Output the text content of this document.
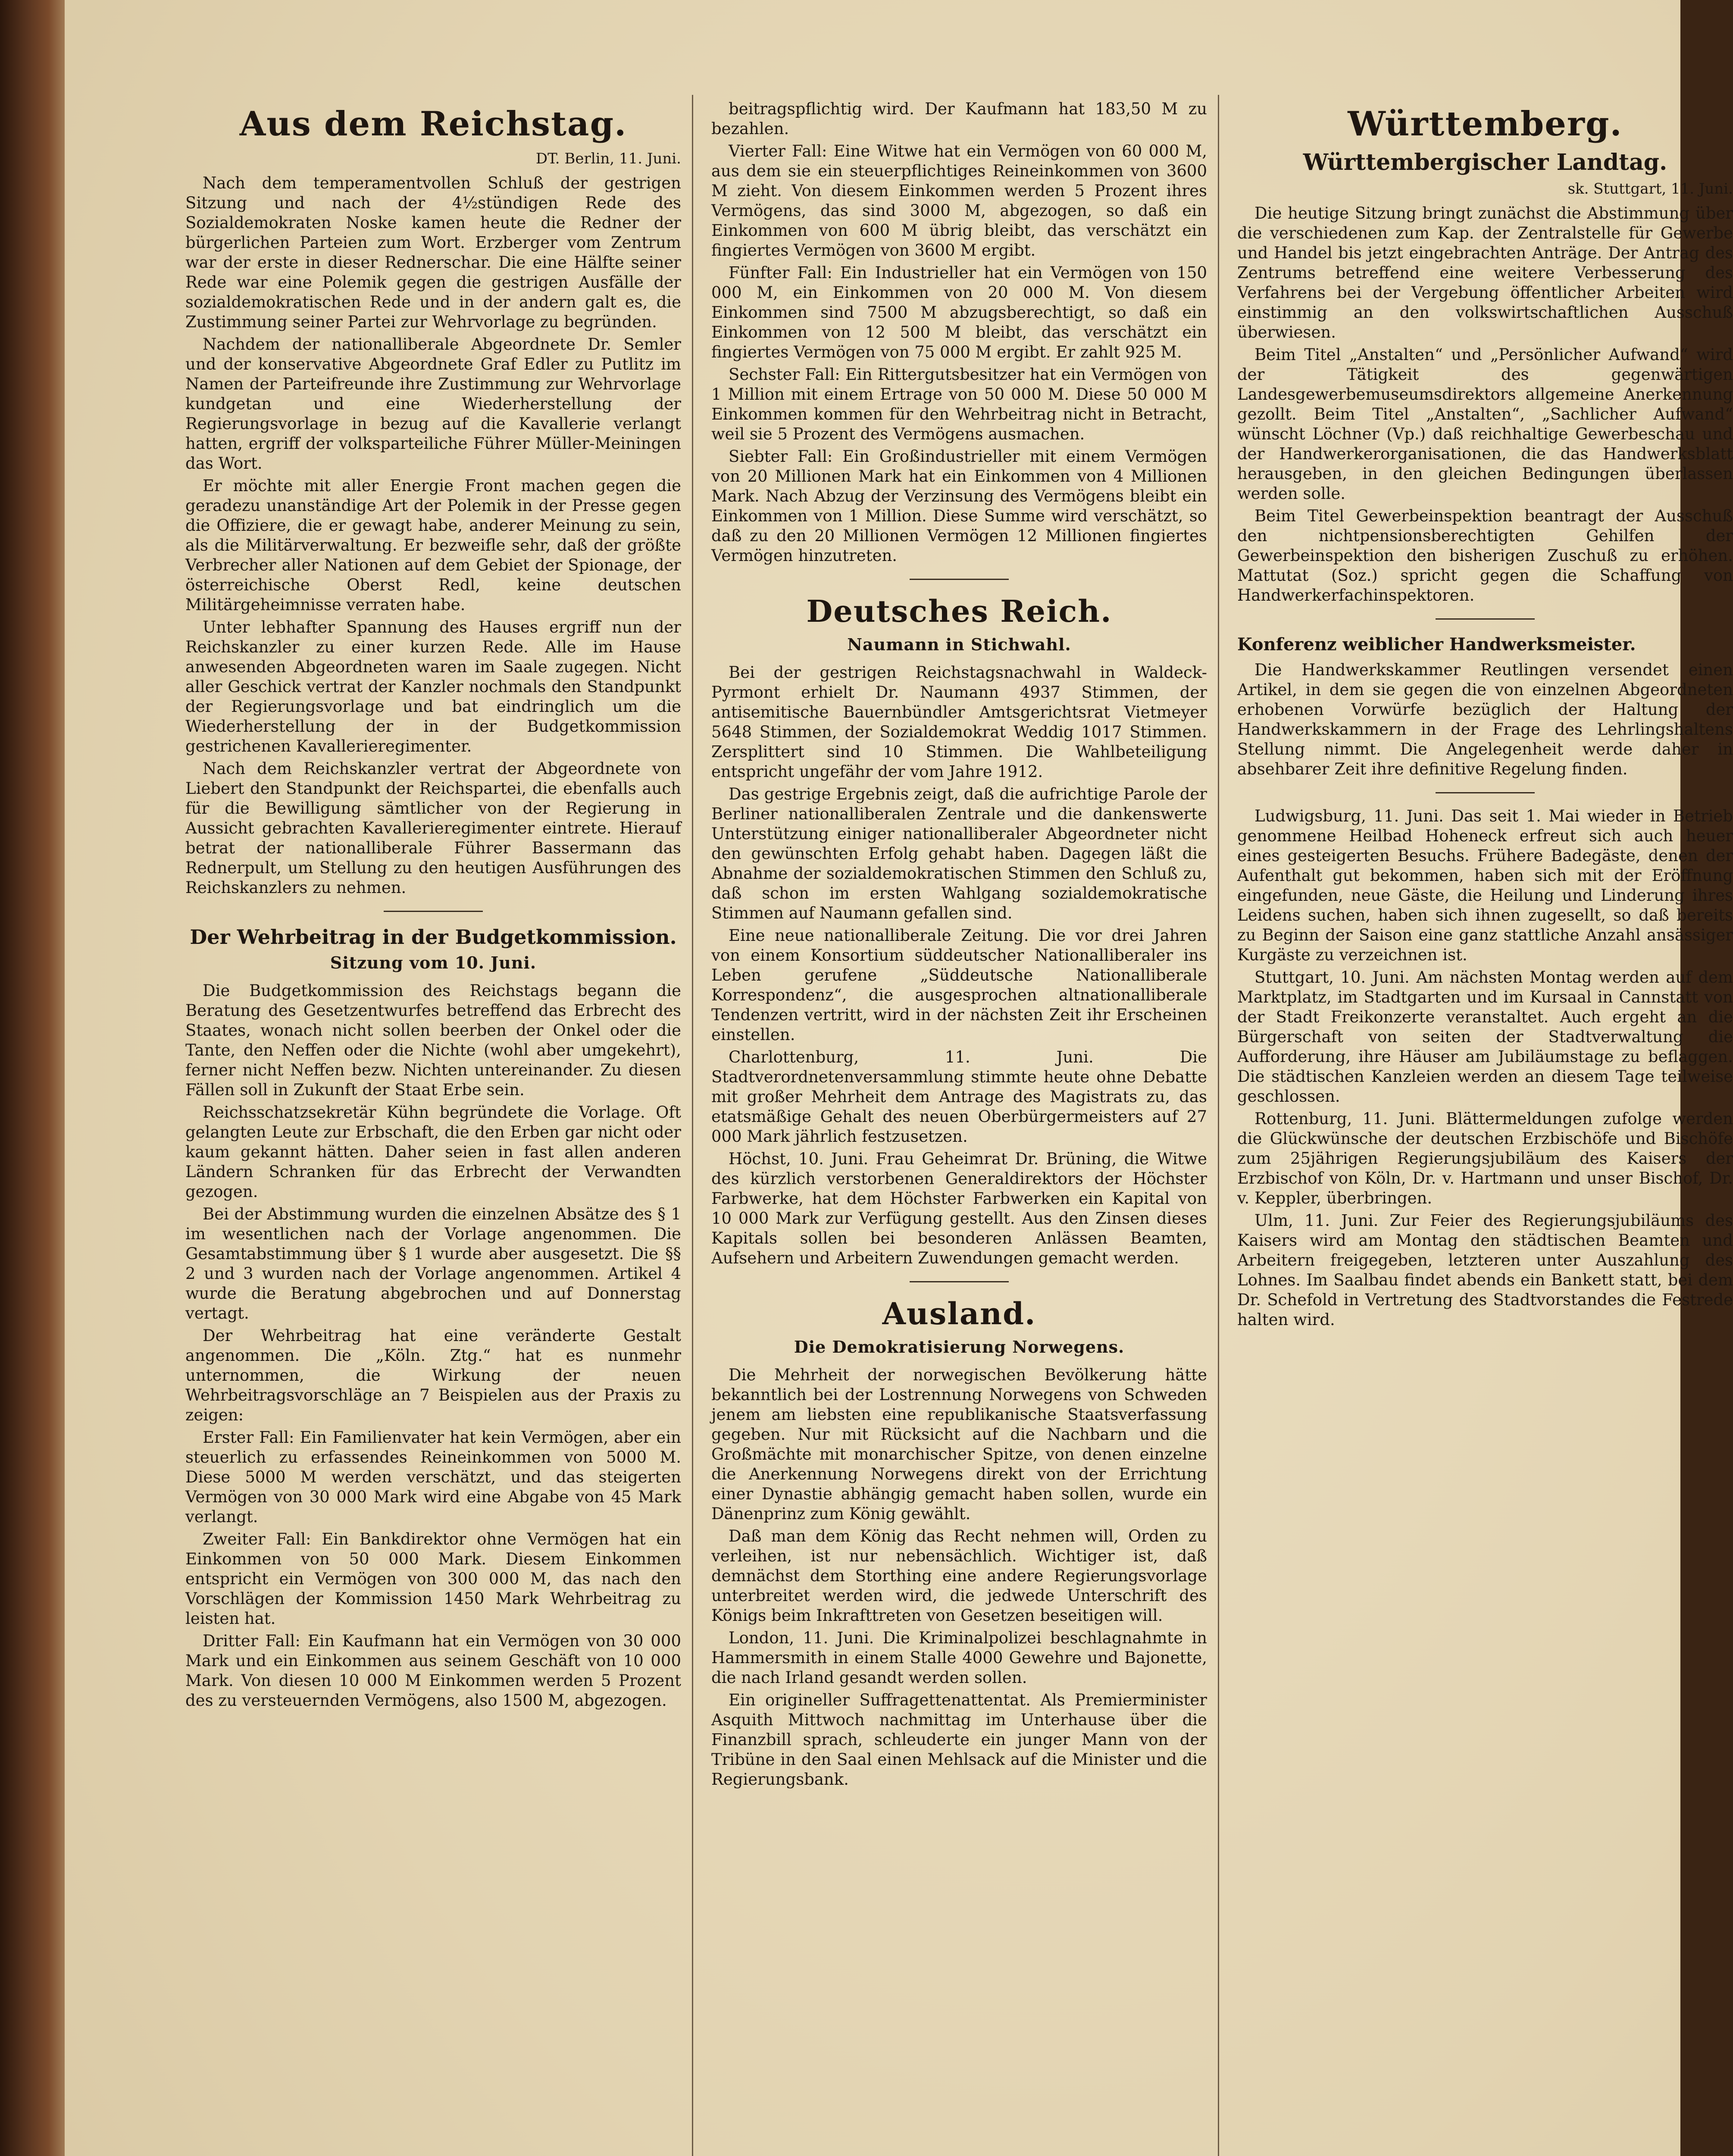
Aus dem Reichstag.
DT. Berlin, 11. Juni.

Nach dem temperamentvollen Schluß der gestrigen Sitzung und nach der 4½stündigen Rede des Sozialdemokraten Noske kamen heute die Redner der bürgerlichen Parteien zum Wort. Erzberger vom Zentrum war der erste in dieser Rednerschar. Die eine Hälfte seiner Rede war eine Polemik gegen die gestrigen Ausfälle der sozialdemokratischen Rede und in der andern galt es, die Zustimmung seiner Partei zur Wehrvorlage zu begründen.

Nachdem der nationalliberale Abgeordnete Dr. Semler und der konservative Abgeordnete Graf Edler zu Putlitz im Namen der Parteifreunde ihre Zustimmung zur Wehrvorlage kundgetan und eine Wiederherstellung der Regierungsvorlage in bezug auf die Kavallerie verlangt hatten, ergriff der volksparteiliche Führer Müller-Meiningen das Wort.

Er möchte mit aller Energie Front machen gegen die geradezu unanständige Art der Polemik in der Presse gegen die Offiziere, die er gewagt habe, anderer Meinung zu sein, als die Militärverwaltung. Er bezweifle sehr, daß der größte Verbrecher aller Nationen auf dem Gebiet der Spionage, der österreichische Oberst Redl, keine deutschen Militärgeheimnisse verraten habe.

Unter lebhafter Spannung des Hauses ergriff nun der Reichskanzler zu einer kurzen Rede. Alle im Hause anwesenden Abgeordneten waren im Saale zugegen. Nicht aller Geschick vertrat der Kanzler nochmals den Standpunkt der Regierungsvorlage und bat eindringlich um die Wiederherstellung der in der Budgetkommission gestrichenen Kavallerieregimenter.

Nach dem Reichskanzler vertrat der Abgeordnete von Liebert den Standpunkt der Reichspartei, die ebenfalls auch für die Bewilligung sämtlicher von der Regierung in Aussicht gebrachten Kavallerieregimenter eintrete. Hierauf betrat der nationalliberale Führer Bassermann das Rednerpult, um Stellung zu den heutigen Ausführungen des Reichskanzlers zu nehmen.

Der Wehrbeitrag in der Budgetkommission.
Sitzung vom 10. Juni.

Die Budgetkommission des Reichstags begann die Beratung des Gesetzentwurfes betreffend das Erbrecht des Staates, wonach nicht sollen beerben der Onkel oder die Tante, den Neffen oder die Nichte (wohl aber umgekehrt), ferner nicht Neffen bezw. Nichten untereinander. Zu diesen Fällen soll in Zukunft der Staat Erbe sein.

Reichsschatzsekretär Kühn begründete die Vorlage. Oft gelangten Leute zur Erbschaft, die den Erben gar nicht oder kaum gekannt hätten. Daher seien in fast allen anderen Ländern Schranken für das Erbrecht der Verwandten gezogen.

Bei der Abstimmung wurden die einzelnen Absätze des § 1 im wesentlichen nach der Vorlage angenommen. Die Gesamtabstimmung über § 1 wurde aber ausgesetzt. Die §§ 2 und 3 wurden nach der Vorlage angenommen. Artikel 4 wurde die Beratung abgebrochen und auf Donnerstag vertagt.

Der Wehrbeitrag hat eine veränderte Gestalt angenommen. Die „Köln. Ztg.“ hat es nunmehr unternommen, die Wirkung der neuen Wehrbeitragsvorschläge an 7 Beispielen aus der Praxis zu zeigen:

Erster Fall: Ein Familienvater hat kein Vermögen, aber ein steuerlich zu erfassendes Reineinkommen von 5000 M. Diese 5000 M werden verschätzt, und das steigerten Vermögen von 30 000 Mark wird eine Abgabe von 45 Mark verlangt.

Zweiter Fall: Ein Bankdirektor ohne Vermögen hat ein Einkommen von 50 000 Mark. Diesem Einkommen entspricht ein Vermögen von 300 000 M, das nach den Vorschlägen der Kommission 1450 Mark Wehrbeitrag zu leisten hat.

Dritter Fall: Ein Kaufmann hat ein Vermögen von 30 000 Mark und ein Einkommen aus seinem Geschäft von 10 000 Mark. Von diesen 10 000 M Einkommen werden 5 Prozent des zu versteuernden Vermögens, also 1500 M, abgezogen.

beitragspflichtig wird. Der Kaufmann hat 183,50 M zu bezahlen.

Vierter Fall: Eine Witwe hat ein Vermögen von 60 000 M, aus dem sie ein steuerpflichtiges Reineinkommen von 3600 M zieht. Von diesem Einkommen werden 5 Prozent ihres Vermögens, das sind 3000 M, abgezogen, so daß ein Einkommen von 600 M übrig bleibt, das verschätzt ein fingiertes Vermögen von 3600 M ergibt.

Fünfter Fall: Ein Industrieller hat ein Vermögen von 150 000 M, ein Einkommen von 20 000 M. Von diesem Einkommen sind 7500 M abzugsberechtigt, so daß ein Einkommen von 12 500 M bleibt, das verschätzt ein fingiertes Vermögen von 75 000 M ergibt. Er zahlt 925 M.

Sechster Fall: Ein Rittergutsbesitzer hat ein Vermögen von 1 Million mit einem Ertrage von 50 000 M. Diese 50 000 M Einkommen kommen für den Wehrbeitrag nicht in Betracht, weil sie 5 Prozent des Vermögens ausmachen.

Siebter Fall: Ein Großindustrieller mit einem Vermögen von 20 Millionen Mark hat ein Einkommen von 4 Millionen Mark. Nach Abzug der Verzinsung des Vermögens bleibt ein Einkommen von 1 Million. Diese Summe wird verschätzt, so daß zu den 20 Millionen Vermögen 12 Millionen fingiertes Vermögen hinzutreten.

Deutsches Reich.
Naumann in Stichwahl.

Bei der gestrigen Reichstagsnachwahl in Waldeck-Pyrmont erhielt Dr. Naumann 4937 Stimmen, der antisemitische Bauernbündler Amtsgerichtsrat Vietmeyer 5648 Stimmen, der Sozialdemokrat Weddig 1017 Stimmen. Zersplittert sind 10 Stimmen. Die Wahlbeteiligung entspricht ungefähr der vom Jahre 1912.

Das gestrige Ergebnis zeigt, daß die aufrichtige Parole der Berliner nationalliberalen Zentrale und die dankenswerte Unterstützung einiger nationalliberaler Abgeordneter nicht den gewünschten Erfolg gehabt haben. Dagegen läßt die Abnahme der sozialdemokratischen Stimmen den Schluß zu, daß schon im ersten Wahlgang sozialdemokratische Stimmen auf Naumann gefallen sind.

Eine neue nationalliberale Zeitung. Die vor drei Jahren von einem Konsortium süddeutscher Nationalliberaler ins Leben gerufene „Süddeutsche Nationalliberale Korrespondenz“, die ausgesprochen altnationalliberale Tendenzen vertritt, wird in der nächsten Zeit ihr Erscheinen einstellen.

Charlottenburg, 11. Juni. Die Stadtverordnetenversammlung stimmte heute ohne Debatte mit großer Mehrheit dem Antrage des Magistrats zu, das etatsmäßige Gehalt des neuen Oberbürgermeisters auf 27 000 Mark jährlich festzusetzen.

Höchst, 10. Juni. Frau Geheimrat Dr. Brüning, die Witwe des kürzlich verstorbenen Generaldirektors der Höchster Farbwerke, hat dem Höchster Farbwerken ein Kapital von 10 000 Mark zur Verfügung gestellt. Aus den Zinsen dieses Kapitals sollen bei besonderen Anlässen Beamten, Aufsehern und Arbeitern Zuwendungen gemacht werden.

Ausland.
Die Demokratisierung Norwegens.

Die Mehrheit der norwegischen Bevölkerung hätte bekanntlich bei der Lostrennung Norwegens von Schweden jenem am liebsten eine republikanische Staatsverfassung gegeben. Nur mit Rücksicht auf die Nachbarn und die Großmächte mit monarchischer Spitze, von denen einzelne die Anerkennung Norwegens direkt von der Errichtung einer Dynastie abhängig gemacht haben sollen, wurde ein Dänenprinz zum König gewählt.

Daß man dem König das Recht nehmen will, Orden zu verleihen, ist nur nebensächlich. Wichtiger ist, daß demnächst dem Storthing eine andere Regierungsvorlage unterbreitet werden wird, die jedwede Unterschrift des Königs beim Inkrafttreten von Gesetzen beseitigen will.

London, 11. Juni. Die Kriminalpolizei beschlagnahmte in Hammersmith in einem Stalle 4000 Gewehre und Bajonette, die nach Irland gesandt werden sollen.

Ein origineller Suffragettenattentat. Als Premierminister Asquith Mittwoch nachmittag im Unterhause über die Finanzbill sprach, schleuderte ein junger Mann von der Tribüne in den Saal einen Mehlsack auf die Minister und die Regierungsbank.

Württemberg.
Württembergischer Landtag.
sk. Stuttgart, 11. Juni.

Die heutige Sitzung bringt zunächst die Abstimmung über die verschiedenen zum Kap. der Zentralstelle für Gewerbe und Handel bis jetzt eingebrachten Anträge. Der Antrag des Zentrums betreffend eine weitere Verbesserung des Verfahrens bei der Vergebung öffentlicher Arbeiten wird einstimmig an den volkswirtschaftlichen Ausschuß überwiesen.

Beim Titel „Anstalten“ und „Persönlicher Aufwand“ wird der Tätigkeit des gegenwärtigen Landesgewerbemuseumsdirektors allgemeine Anerkennung gezollt. Beim Titel „Anstalten“, „Sachlicher Aufwand“ wünscht Löchner (Vp.) daß reichhaltige Gewerbeschau und der Handwerkerorganisationen, die das Handwerksblatt herausgeben, in den gleichen Bedingungen überlassen werden solle.

Beim Titel Gewerbeinspektion beantragt der Ausschuß den nichtpensionsberechtigten Gehilfen der Gewerbeinspektion den bisherigen Zuschuß zu erhöhen. Mattutat (Soz.) spricht gegen die Schaffung von Handwerkerfachinspektoren.

Konferenz weiblicher Handwerksmeister.

Die Handwerkskammer Reutlingen versendet einen Artikel, in dem sie gegen die von einzelnen Abgeordneten erhobenen Vorwürfe bezüglich der Haltung der Handwerkskammern in der Frage des Lehrlingshaltens Stellung nimmt. Die Angelegenheit werde daher in absehbarer Zeit ihre definitive Regelung finden.

Ludwigsburg, 11. Juni. Das seit 1. Mai wieder in Betrieb genommene Heilbad Hoheneck erfreut sich auch heuer eines gesteigerten Besuchs. Frühere Badegäste, denen der Aufenthalt gut bekommen, haben sich mit der Eröffnung eingefunden, neue Gäste, die Heilung und Linderung ihres Leidens suchen, haben sich ihnen zugesellt, so daß bereits zu Beginn der Saison eine ganz stattliche Anzahl ansässiger Kurgäste zu verzeichnen ist.

Stuttgart, 10. Juni. Am nächsten Montag werden auf dem Marktplatz, im Stadtgarten und im Kursaal in Cannstatt von der Stadt Freikonzerte veranstaltet. Auch ergeht an die Bürgerschaft von seiten der Stadtverwaltung die Aufforderung, ihre Häuser am Jubiläumstage zu beflaggen. Die städtischen Kanzleien werden an diesem Tage teilweise geschlossen.

Rottenburg, 11. Juni. Blättermeldungen zufolge werden die Glückwünsche der deutschen Erzbischöfe und Bischöfe zum 25jährigen Regierungsjubiläum des Kaisers der Erzbischof von Köln, Dr. v. Hartmann und unser Bischof, Dr. v. Keppler, überbringen.

Ulm, 11. Juni. Zur Feier des Regierungsjubiläums des Kaisers wird am Montag den städtischen Beamten und Arbeitern freigegeben, letzteren unter Auszahlung des Lohnes. Im Saalbau findet abends ein Bankett statt, bei dem Dr. Schefold in Vertretung des Stadtvorstandes die Festrede halten wird.
